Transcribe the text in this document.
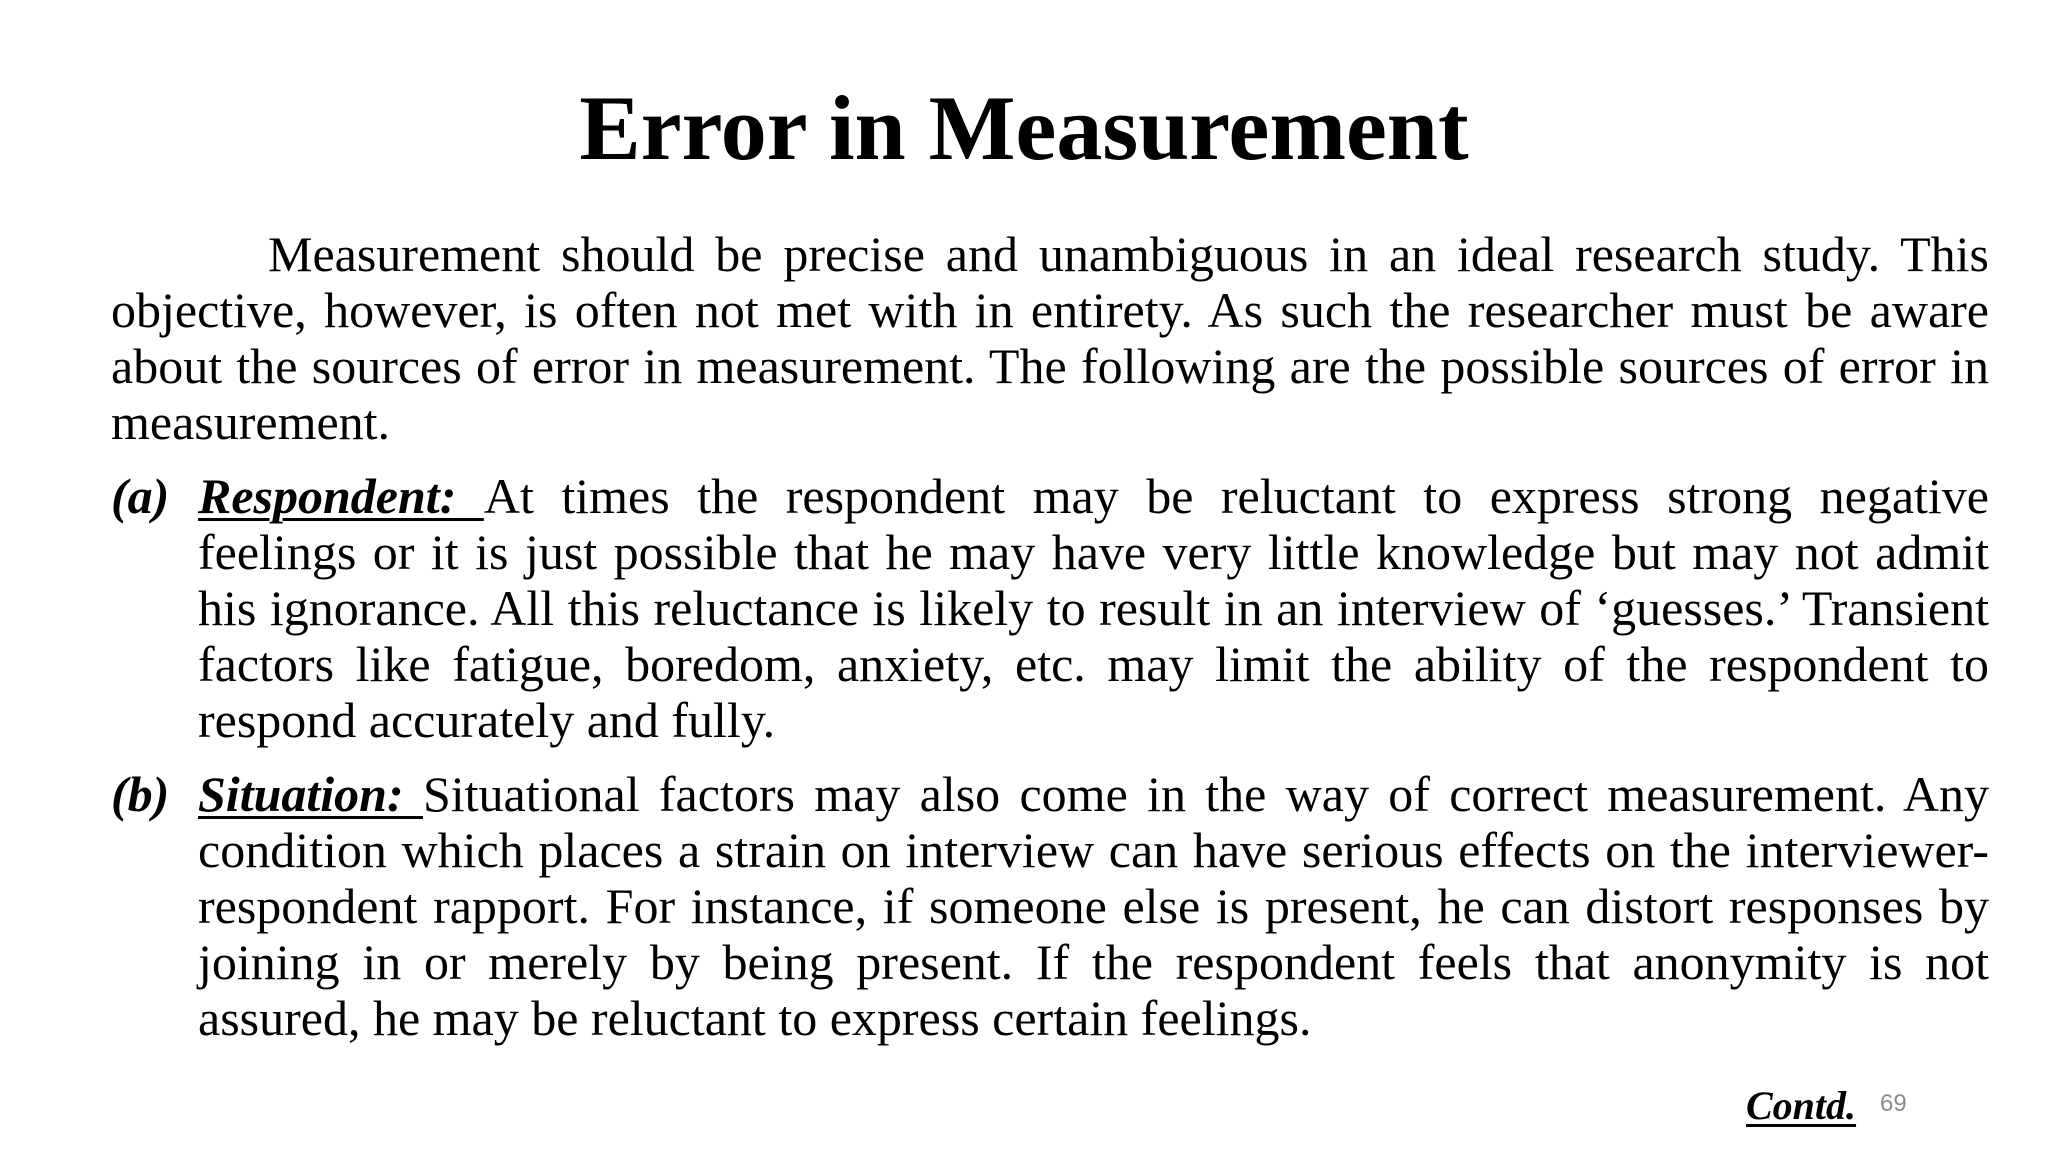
Error in Measurement

Measurement should be precise and unambiguous in an ideal research study. This objective, however, is often not met with in entirety. As such the researcher must be aware about the sources of error in measurement. The following are the possible sources of error in measurement.

(a) Respondent: At times the respondent may be reluctant to express strong negative feelings or it is just possible that he may have very little knowledge but may not admit his ignorance. All this reluctance is likely to result in an interview of ‘guesses.’ Transient factors like fatigue, boredom, anxiety, etc. may limit the ability of the respondent to respond accurately and fully.
(b) Situation: Situational factors may also come in the way of correct measurement. Any condition which places a strain on interview can have serious effects on the interviewer-respondent rapport. For instance, if someone else is present, he can distort responses by joining in or merely by being present. If the respondent feels that anonymity is not assured, he may be reluctant to express certain feelings.
Contd. 69
